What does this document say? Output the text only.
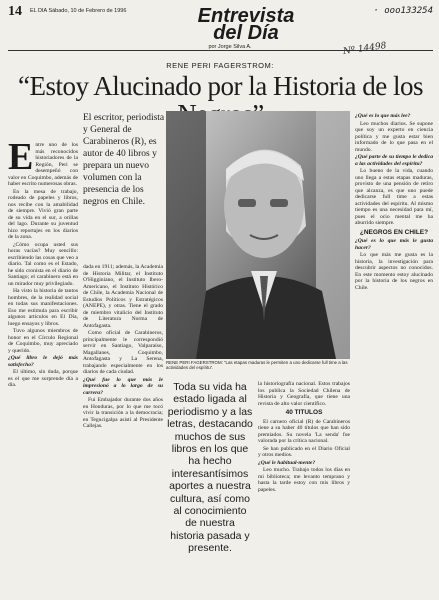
14 EL DIA Sábado, 10 de Febrero de 1996	· ooo133254
Entrevista
del Día
por Jorge Silva A.	Nº 14498
RENE PERI FAGERSTROM:
“Estoy Alucinado por la Historia de los

Entre uno de los más reconocidos historiadores de la Región, Peri se desempeñó con valor en Coquimbo, además de haber escrito numerosas obras.

En la mesa de trabajo, rodeado de papeles y libros, nos recibe con la amabilidad de siempre. Vivió gran parte de su vida en el sur, a orillas del lago. Durante su juventud hizo reportajes en los diarios de la zona.

¿Cómo ocupa usted sus horas vacías? Muy sencillo: escribiendo las cosas que veo a diario. Tal como es el Estado, he sido cronista en el diario de Santiago; el carabinero está en un mirador muy privilegiado.

Ha visto la historia de tantos hombres, de la realidad social en todas sus manifestaciones. Eso me estimula para escribir algunos artículos en El Día, luego ensayos y libros.

Tuvo algunos miembros de honor en el Círculo Regional de Coquimbo, muy apreciado y querido.

¿Qué libro le dejó más satisfecho?

El último, sin duda, porque es el que me sorprende día a día.

El escritor, periodista y General de Carabineros (R), es autor de 40 libros y prepara un nuevo volumen con la presencia de los negros en Chile.
RENE PERI FAGERSTROM: “Las etapas maduras le permiten a uno dedicarse full time a las actividades del espíritu”.

dada en 1911; además, la Academia de Historia Militar, el Instituto O'Higginiano, el Instituto Ibero-Americano, el Instituto Histórico de Chile, la Academia Nacional de Estudios Políticos y Estratégicos (ANEPE), y otras. Tiene el grado de miembro vitalicio del Instituto de Literatura Norma de Antofagasta.

Como oficial de Carabineros, principalmente le correspondió servir en Santiago, Valparaíso, Magallanes, Coquimbo, Antofagasta y La Serena, trabajando especialmente en los diarios de cada ciudad.

¿Qué fue lo que más le impresionó a lo largo de su carrera?

Fui Embajador durante dos años en Honduras, por lo que me tocó vivir la transición a la democracia; en Tegucigalpa asistí al Presidente Callejas.

Toda su vida ha estado ligada al periodismo y a las letras, destacando muchos de sus libros en los que ha hecho interesantísimos aportes a nuestra cultura, así como al conocimiento de nuestra historia pasada y presente.

la historiografía nacional. Estos trabajos los publica la Sociedad Chilena de Historia y Geografía, que tiene una revista de alto valor científico.

40 TITULOS

El carnero oficial (R) de Carabineros tiene a su haber 40 títulos que han sido premiados. Su novela 'La senda' fue valorada por la crítica nacional.

Se han publicado en el Diario Oficial y otros medios.

¿Qué le habitual-mente?

Leo mucho. Trabajo todos los días en mi biblioteca; me levanto temprano y hasta la tarde estoy con mis libros y papeles.

¿Qué es lo que más lee?

Leo muchos diarios. Se supone que soy un experto en ciencia política y me gusta estar bien informado de lo que pasa en el mundo.

¿Qué parte de su tiempo le dedica a las actividades del espíritu?

Lo bueno de la vida, cuando uno llega a estas etapas maduras, provisto de una pensión de retiro que alcanza, es que uno puede dedicarse full time a estas actividades del espíritu. Al mismo tiempo es una necesidad para mí, pues el ocio mental me ha aburrido siempre.

¿NEGROS EN CHILE?

¿Qué es lo que más le gusta hacer?

Lo que más me gusta es la historia, la investigación para descubrir aspectos no conocidos. En este momento estoy alucinado por la historia de los negros en Chile.
